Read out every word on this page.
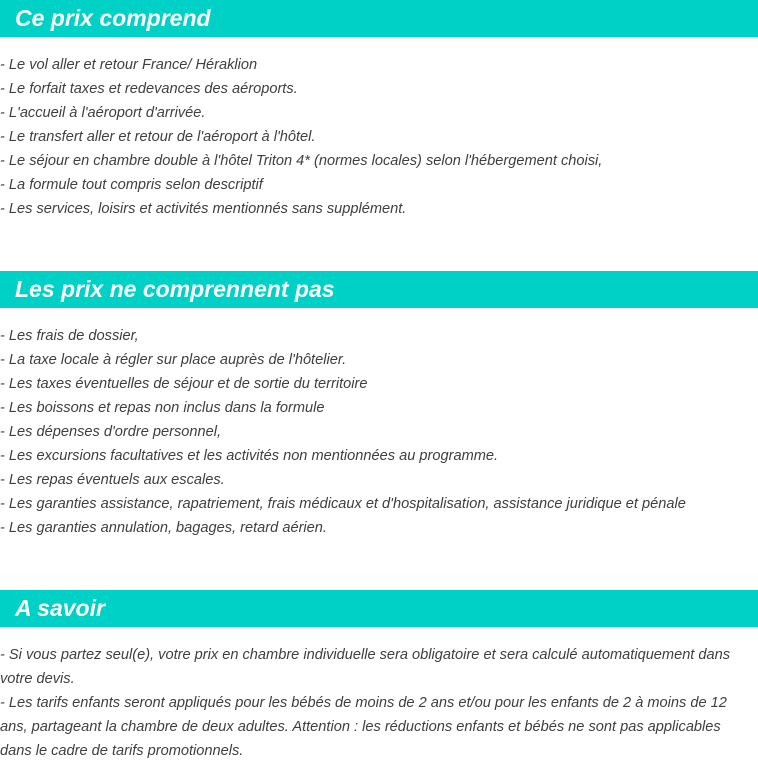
Ce prix comprend
- Le vol aller et retour France/ Héraklion
- Le forfait taxes et redevances des aéroports.
- L'accueil à l'aéroport d'arrivée.
- Le transfert aller et retour de l'aéroport à l'hôtel.
- Le séjour en chambre double à l'hôtel Triton 4* (normes locales) selon l'hébergement choisi,
- La formule tout compris selon descriptif
- Les services, loisirs et activités mentionnés sans supplément.
Les prix ne comprennent pas
- Les frais de dossier,
- La taxe locale à régler sur place auprès de l'hôtelier.
- Les taxes éventuelles de séjour et de sortie du territoire
- Les boissons et repas non inclus dans la formule
- Les dépenses d'ordre personnel,
- Les excursions facultatives et les activités non mentionnées au programme.
- Les repas éventuels aux escales.
- Les garanties assistance, rapatriement, frais médicaux et d'hospitalisation, assistance juridique et pénale
- Les garanties annulation, bagages, retard aérien.
A savoir
- Si vous partez seul(e), votre prix en chambre individuelle sera obligatoire et sera calculé automatiquement dans votre devis.
- Les tarifs enfants seront appliqués pour les bébés de moins de 2 ans et/ou pour les enfants de 2 à moins de 12 ans, partageant la chambre de deux adultes. Attention : les réductions enfants et bébés ne sont pas applicables dans le cadre de tarifs promotionnels.
